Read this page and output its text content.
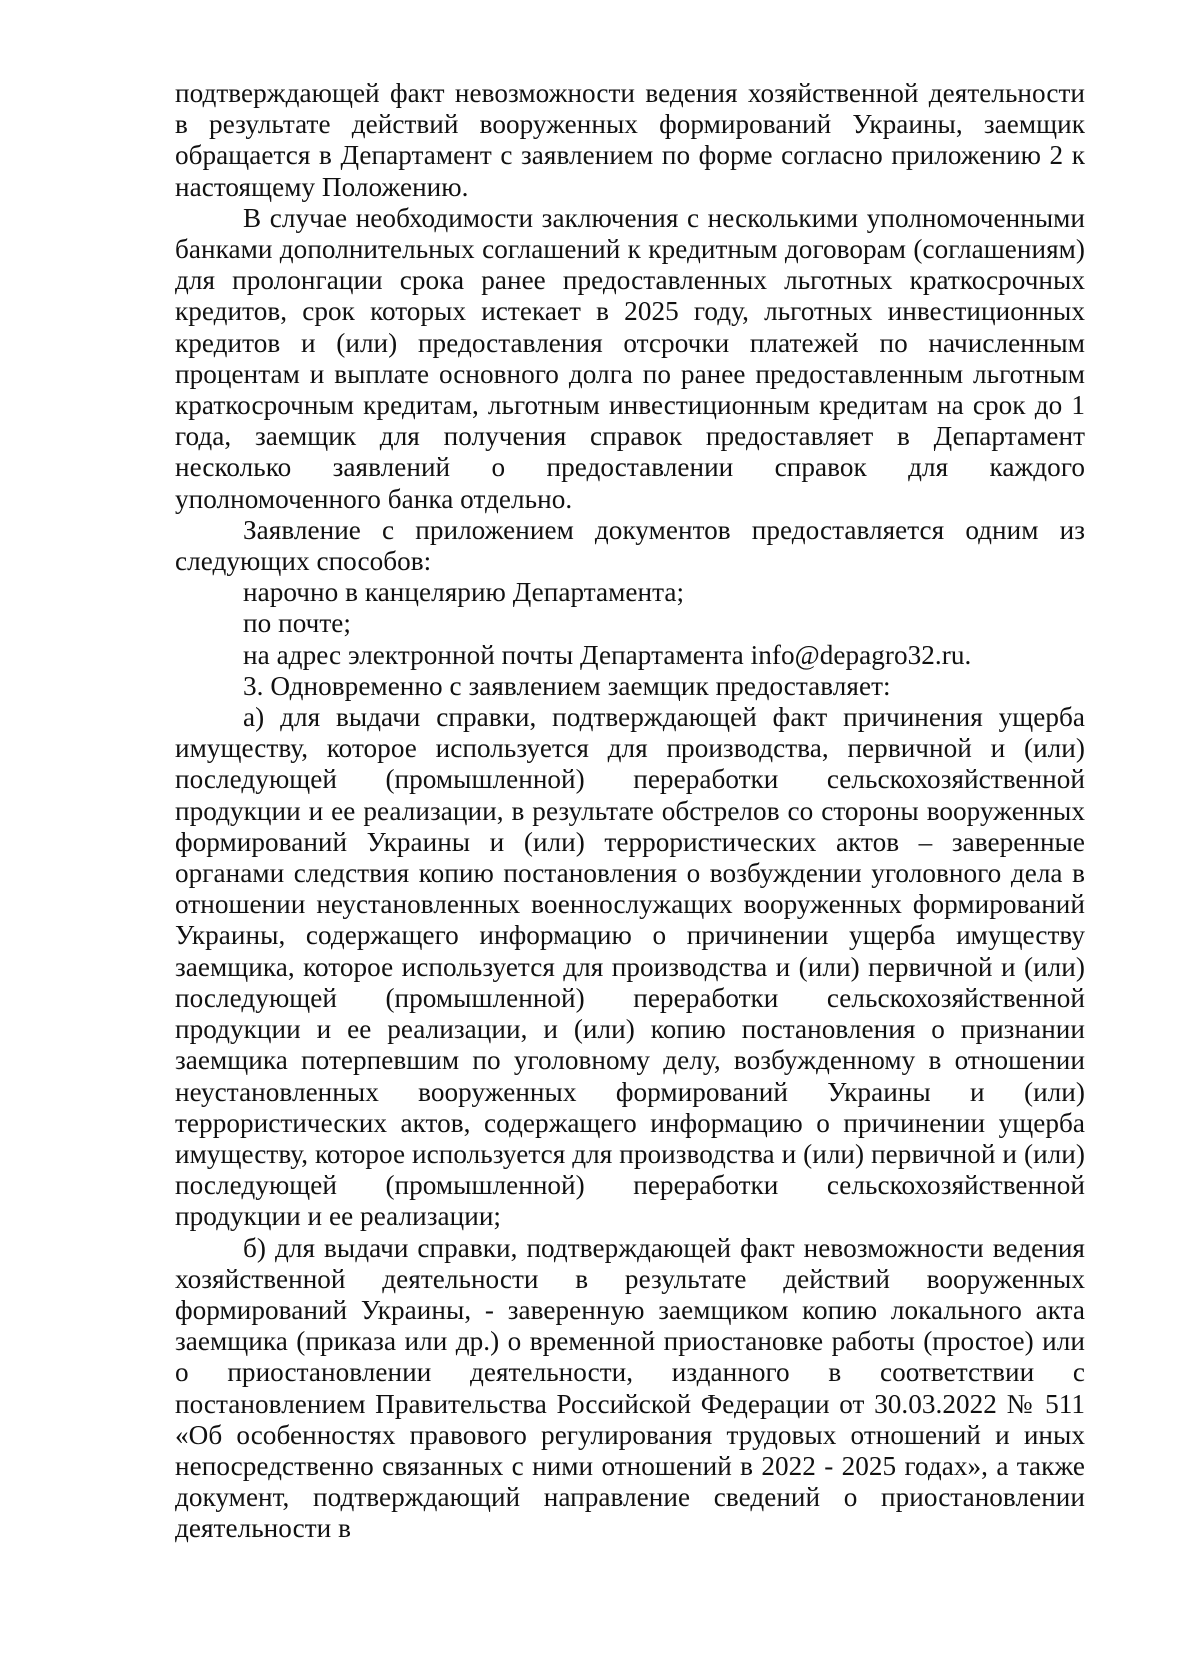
подтверждающей факт невозможности ведения хозяйственной деятельности в результате действий вооруженных формирований Украины, заемщик обращается в Департамент с заявлением по форме согласно приложению 2 к настоящему Положению.

В случае необходимости заключения с несколькими уполномоченными банками дополнительных соглашений к кредитным договорам (соглашениям) для пролонгации срока ранее предоставленных льготных краткосрочных кредитов, срок которых истекает в 2025 году, льготных инвестиционных кредитов и (или) предоставления отсрочки платежей по начисленным процентам и выплате основного долга по ранее предоставленным льготным краткосрочным кредитам, льготным инвестиционным кредитам на срок до 1 года, заемщик для получения справок предоставляет в Департамент несколько заявлений о предоставлении справок для каждого уполномоченного банка отдельно.

Заявление с приложением документов предоставляется одним из следующих способов:

нарочно в канцелярию Департамента;

по почте;

на адрес электронной почты Департамента info@depagro32.ru.

3. Одновременно с заявлением заемщик предоставляет:

а) для выдачи справки, подтверждающей факт причинения ущерба имуществу, которое используется для производства, первичной и (или) последующей (промышленной) переработки сельскохозяйственной продукции и ее реализации, в результате обстрелов со стороны вооруженных формирований Украины и (или) террористических актов – заверенные органами следствия копию постановления о возбуждении уголовного дела в отношении неустановленных военнослужащих вооруженных формирований Украины, содержащего информацию о причинении ущерба имуществу заемщика, которое используется для производства и (или) первичной и (или) последующей (промышленной) переработки сельскохозяйственной продукции и ее реализации, и (или) копию постановления о признании заемщика потерпевшим по уголовному делу, возбужденному в отношении неустановленных вооруженных формирований Украины и (или) террористических актов, содержащего информацию о причинении ущерба имуществу, которое используется для производства и (или) первичной и (или) последующей (промышленной) переработки сельскохозяйственной продукции и ее реализации;

б) для выдачи справки, подтверждающей факт невозможности ведения хозяйственной деятельности в результате действий вооруженных формирований Украины, - заверенную заемщиком копию локального акта заемщика (приказа или др.) о временной приостановке работы (простое) или о приостановлении деятельности, изданного в соответствии с постановлением Правительства Российской Федерации от 30.03.2022 № 511 «Об особенностях правового регулирования трудовых отношений и иных непосредственно связанных с ними отношений в 2022 - 2025 годах», а также документ, подтверждающий направление сведений о приостановлении деятельности в
